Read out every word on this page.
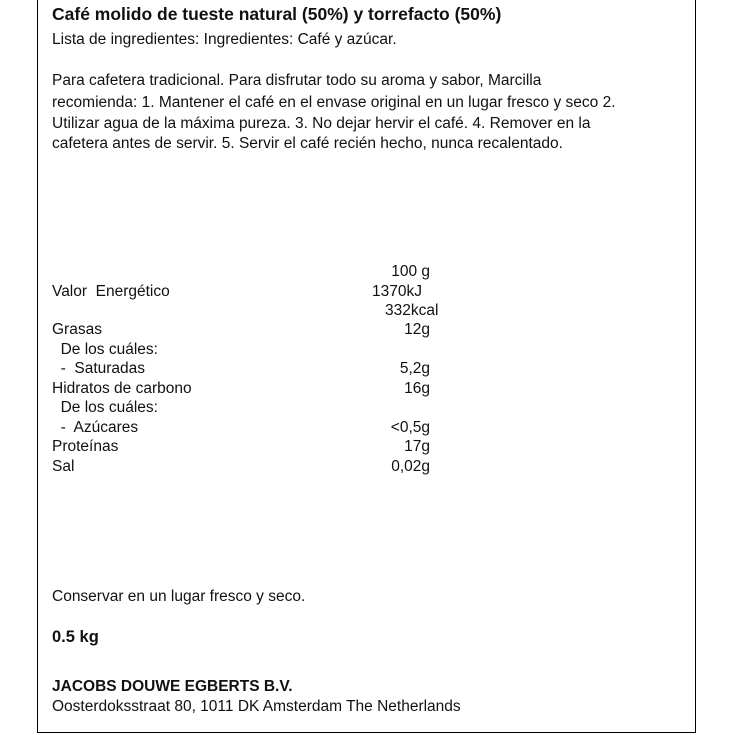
Café molido de tueste natural (50%) y torrefacto (50%)
Lista de ingredientes: Ingredientes: Café y azúcar.
Para cafetera tradicional. Para disfrutar todo su aroma y sabor, Marcilla
recomienda: 1. Mantener el café en el envase original en un lugar fresco y seco 2.
Utilizar agua de la máxima pureza. 3. No dejar hervir el café. 4. Remover en la
cafetera antes de servir. 5. Servir el café recién hecho, nunca recalentado.
100 g
Valor  Energético	1370kJ
332kcal
Grasas	12g
De los cuáles:
-  Saturadas	5,2g
Hidratos de carbono	16g
De los cuáles:
-  Azúcares	<0,5g
Proteínas	17g
Sal	0,02g
Conservar en un lugar fresco y seco.
0.5 kg
JACOBS DOUWE EGBERTS B.V.
Oosterdoksstraat 80, 1011 DK Amsterdam The Netherlands
